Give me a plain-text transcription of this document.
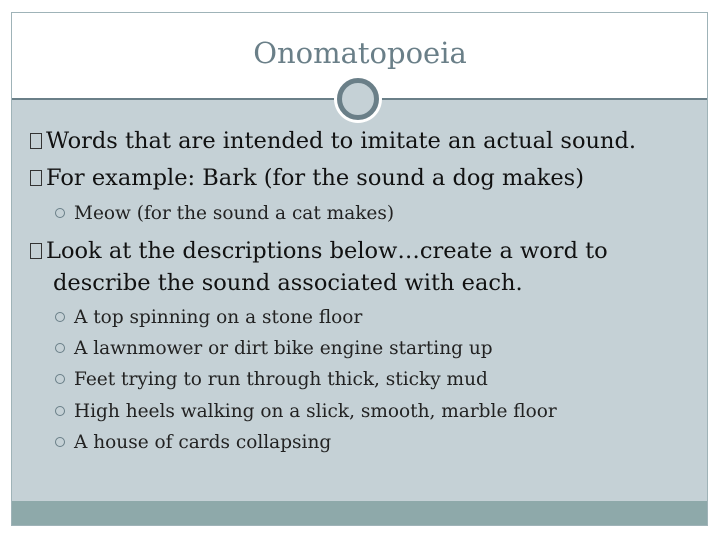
Onomatopoeia
Words that are intended to imitate an actual sound.
For example: Bark (for the sound a dog makes)
Meow (for the sound a cat makes)
Look at the descriptions below…create a word to
describe the sound associated with each.
A top spinning on a stone floor
A lawnmower or dirt bike engine starting up
Feet trying to run through thick, sticky mud
High heels walking on a slick, smooth, marble floor
A house of cards collapsing
